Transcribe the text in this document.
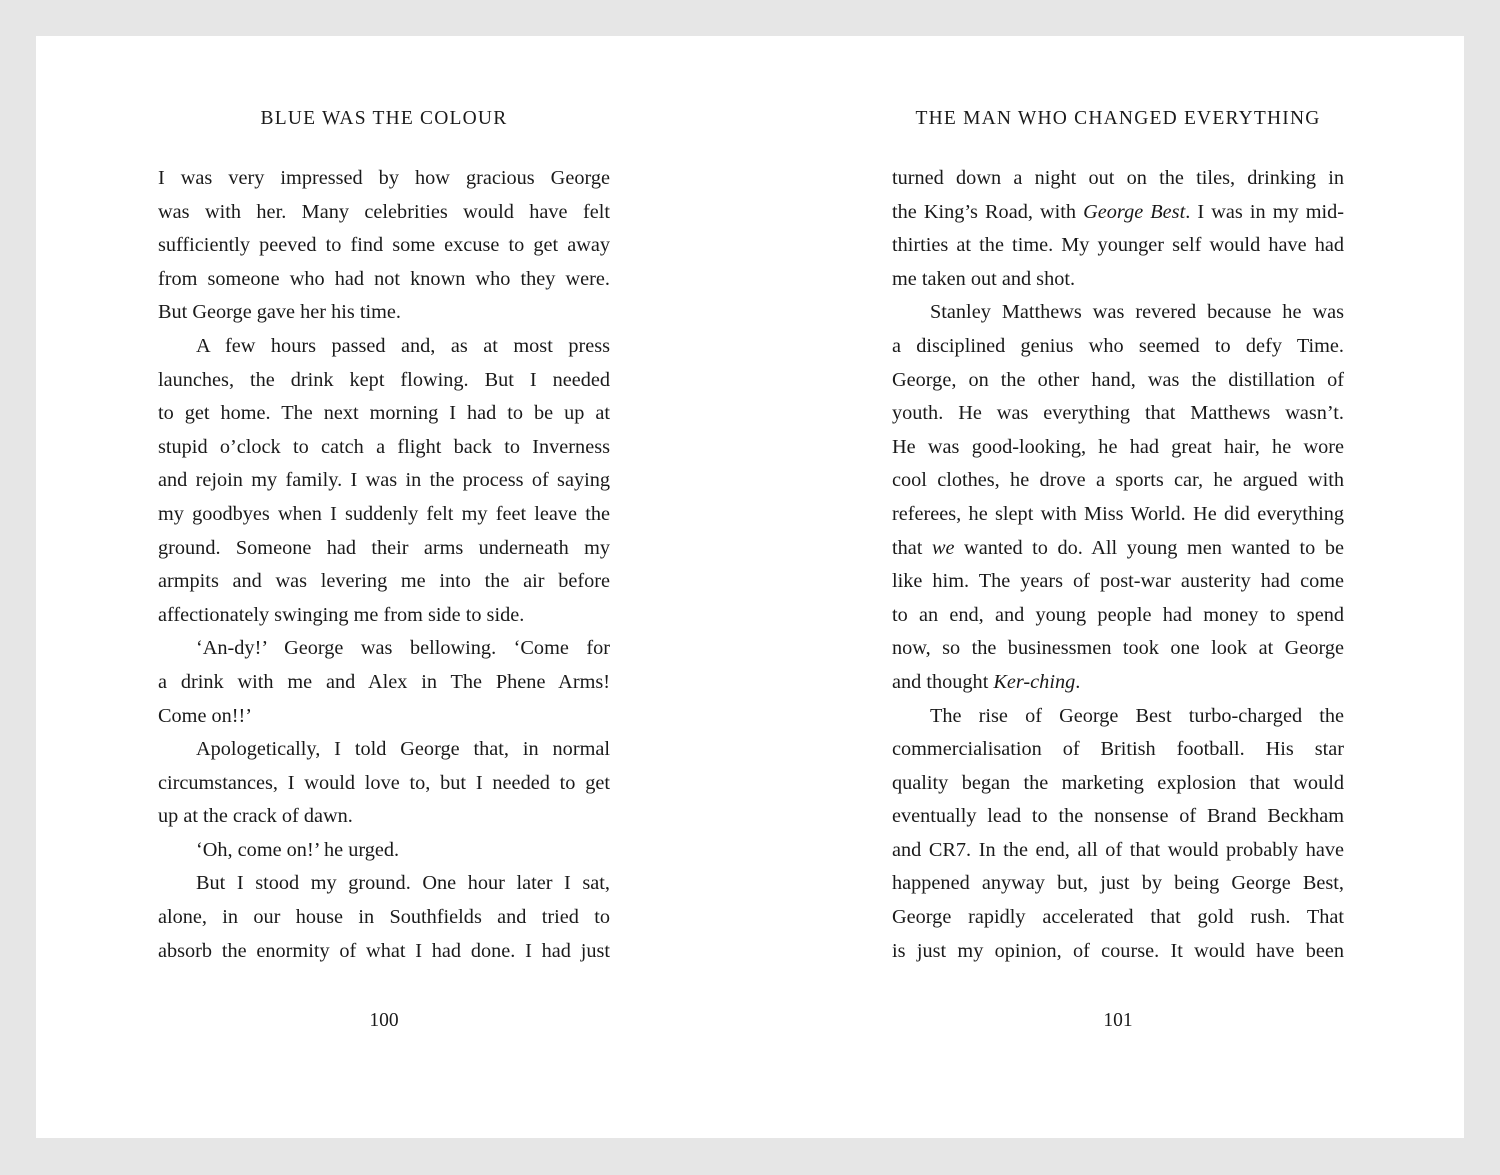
BLUE WAS THE COLOUR
I was very impressed by how gracious George
was with her. Many celebrities would have felt
sufficiently peeved to find some excuse to get away
from someone who had not known who they were.
But George gave her his time.
A few hours passed and, as at most press
launches, the drink kept flowing. But I needed
to get home. The next morning I had to be up at
stupid o’clock to catch a flight back to Inverness
and rejoin my family. I was in the process of saying
my goodbyes when I suddenly felt my feet leave the
ground. Someone had their arms underneath my
armpits and was levering me into the air before
affectionately swinging me from side to side.
‘An-dy!’ George was bellowing. ‘Come for
a drink with me and Alex in The Phene Arms!
Come on!!’
Apologetically, I told George that, in normal
circumstances, I would love to, but I needed to get
up at the crack of dawn.
‘Oh, come on!’ he urged.
But I stood my ground. One hour later I sat,
alone, in our house in Southfields and tried to
absorb the enormity of what I had done. I had just
100
THE MAN WHO CHANGED EVERYTHING
turned down a night out on the tiles, drinking in
the King’s Road, with George Best. I was in my mid-
thirties at the time. My younger self would have had
me taken out and shot.
Stanley Matthews was revered because he was
a disciplined genius who seemed to defy Time.
George, on the other hand, was the distillation of
youth. He was everything that Matthews wasn’t.
He was good-looking, he had great hair, he wore
cool clothes, he drove a sports car, he argued with
referees, he slept with Miss World. He did everything
that we wanted to do. All young men wanted to be
like him. The years of post-war austerity had come
to an end, and young people had money to spend
now, so the businessmen took one look at George
and thought Ker-ching.
The rise of George Best turbo-charged the
commercialisation of British football. His star
quality began the marketing explosion that would
eventually lead to the nonsense of Brand Beckham
and CR7. In the end, all of that would probably have
happened anyway but, just by being George Best,
George rapidly accelerated that gold rush. That
is just my opinion, of course. It would have been
101
